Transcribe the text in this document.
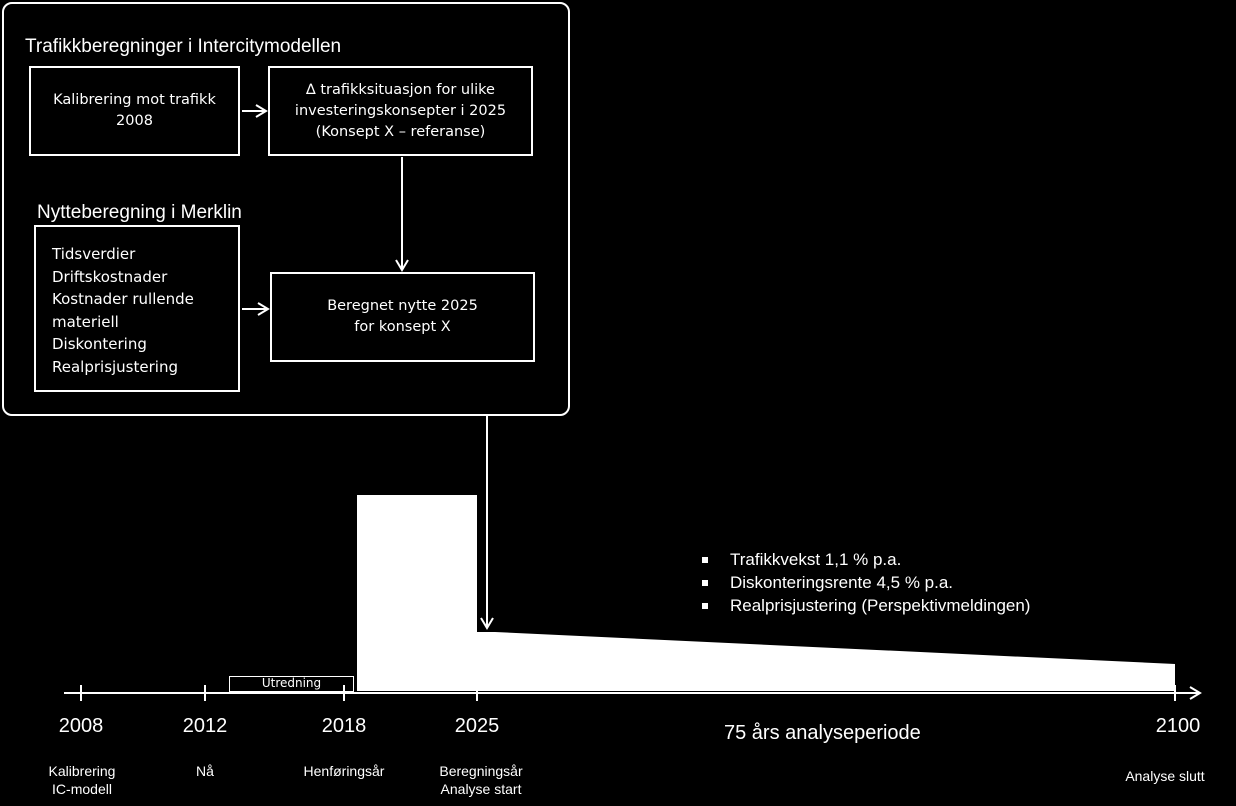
Trafikkberegninger i Intercitymodellen
Kalibrering mot trafikk
2008
∆ trafikksituasjon for ulike
investeringskonsepter i 2025
(Konsept X – referanse)
Nytteberegning i Merklin
Tidsverdier
Driftskostnader
Kostnader rullende
materiell
Diskontering
Realprisjustering
Beregnet nytte 2025
for konsept X
Utredning
Trafikkvekst 1,1 % p.a.
Diskonteringsrente 4,5 % p.a.
Realprisjustering (Perspektivmeldingen)
2008	2012	2018	2025	2100
75 års analyseperiode
Kalibrering
IC-modell
Nå	Henføringsår	Beregningsår
Analyse start
Analyse slutt
